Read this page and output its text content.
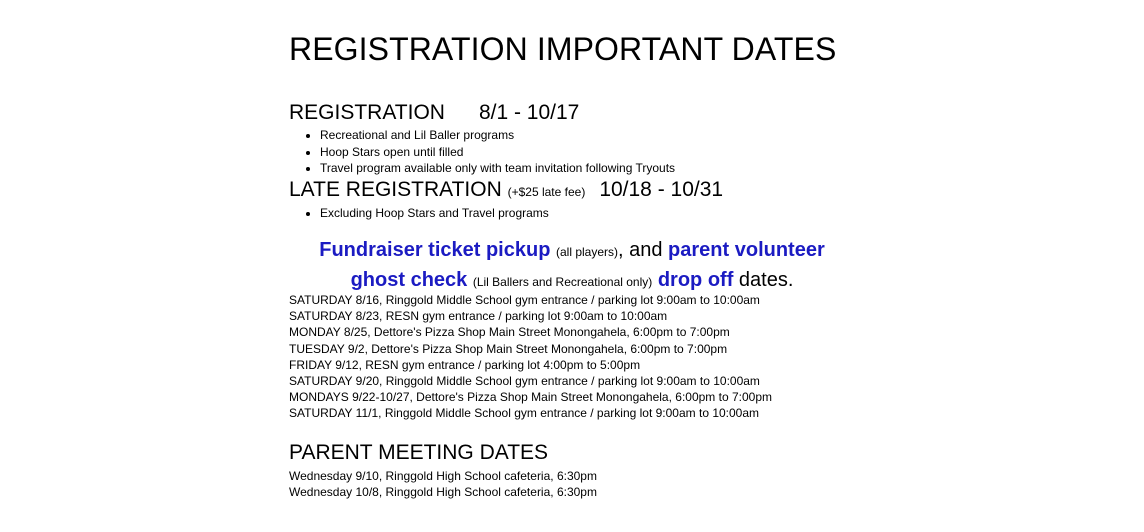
REGISTRATION IMPORTANT DATES
REGISTRATION 8/1 - 10/17
• Recreational and Lil Baller programs
• Hoop Stars open until filled
• Travel program available only with team invitation following Tryouts
LATE REGISTRATION (+$25 late fee) 10/18 - 10/31
• Excluding Hoop Stars and Travel programs
Fundraiser ticket pickup (all players), and parent volunteer
ghost check (Lil Ballers and Recreational only) drop off dates.
SATURDAY 8/16, Ringgold Middle School gym entrance / parking lot 9:00am to 10:00am
SATURDAY 8/23, RESN gym entrance / parking lot 9:00am to 10:00am
MONDAY 8/25, Dettore's Pizza Shop Main Street Monongahela, 6:00pm to 7:00pm
TUESDAY 9/2, Dettore's Pizza Shop Main Street Monongahela, 6:00pm to 7:00pm
FRIDAY 9/12, RESN gym entrance / parking lot 4:00pm to 5:00pm
SATURDAY 9/20, Ringgold Middle School gym entrance / parking lot 9:00am to 10:00am
MONDAYS 9/22-10/27, Dettore's Pizza Shop Main Street Monongahela, 6:00pm to 7:00pm
SATURDAY 11/1, Ringgold Middle School gym entrance / parking lot 9:00am to 10:00am
PARENT MEETING DATES
Wednesday 9/10, Ringgold High School cafeteria, 6:30pm
Wednesday 10/8, Ringgold High School cafeteria, 6:30pm
